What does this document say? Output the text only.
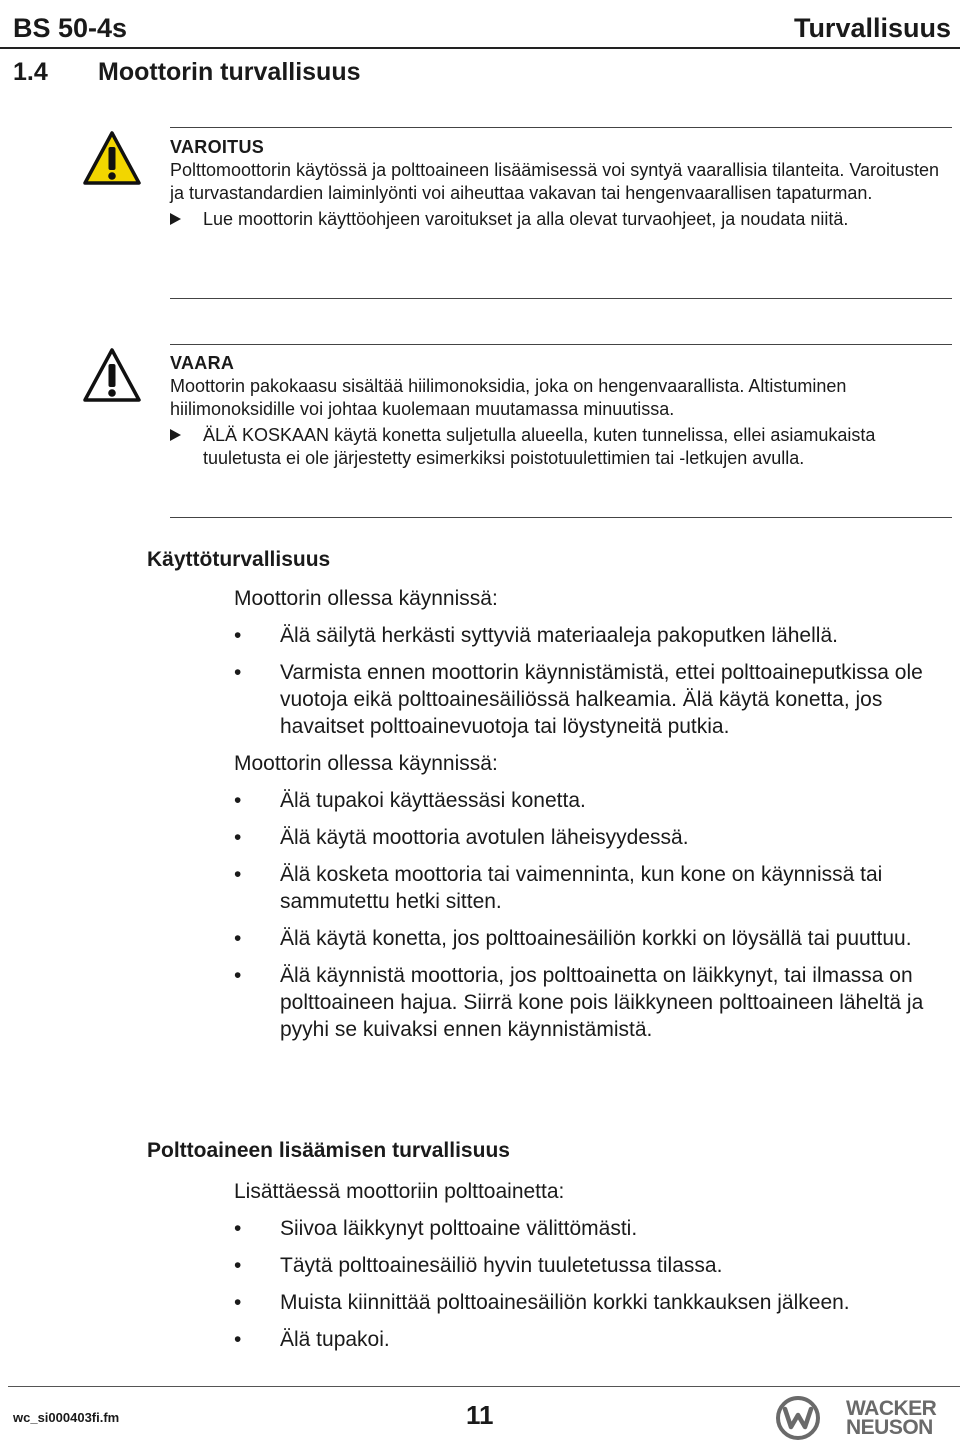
BS 50-4s	Turvallisuus
1.4 Moottorin turvallisuus
VAROITUS
Polttomoottorin käytössä ja polttoaineen lisäämisessä voi syntyä vaarallisia tilanteita. Varoitusten ja turvastandardien laiminlyönti voi aiheuttaa vakavan tai hengenvaarallisen tapaturman.
Lue moottorin käyttöohjeen varoitukset ja alla olevat turvaohjeet, ja noudata niitä.
VAARA
Moottorin pakokaasu sisältää hiilimonoksidia, joka on hengenvaarallista. Altistuminen hiilimonoksidille voi johtaa kuolemaan muutamassa minuutissa.
ÄLÄ KOSKAAN käytä konetta suljetulla alueella, kuten tunnelissa, ellei asiamukaista tuuletusta ei ole järjestetty esimerkiksi poistotuulettimien tai -letkujen avulla.
Käyttöturvallisuus

Moottorin ollessa käynnissä:

• Älä säilytä herkästi syttyviä materiaaleja pakoputken lähellä.
• Varmista ennen moottorin käynnistämistä, ettei polttoaineputkissa ole vuotoja eikä polttoainesäiliössä halkeamia. Älä käytä konetta, jos havaitset polttoainevuotoja tai löystyneitä putkia.

Moottorin ollessa käynnissä:

• Älä tupakoi käyttäessäsi konetta.
• Älä käytä moottoria avotulen läheisyydessä.
• Älä kosketa moottoria tai vaimenninta, kun kone on käynnissä tai sammutettu hetki sitten.
• Älä käytä konetta, jos polttoainesäiliön korkki on löysällä tai puuttuu.
• Älä käynnistä moottoria, jos polttoainetta on läikkynyt, tai ilmassa on polttoaineen hajua. Siirrä kone pois läikkyneen polttoaineen läheltä ja pyyhi se kuivaksi ennen käynnistämistä.
Polttoaineen lisäämisen turvallisuus

Lisättäessä moottoriin polttoainetta:

• Siivoa läikkynyt polttoaine välittömästi.
• Täytä polttoainesäiliö hyvin tuuletetussa tilassa.
• Muista kiinnittää polttoainesäiliön korkki tankkauksen jälkeen.
• Älä tupakoi.
wc_si000403fi.fm	11	WACKER
NEUSON
